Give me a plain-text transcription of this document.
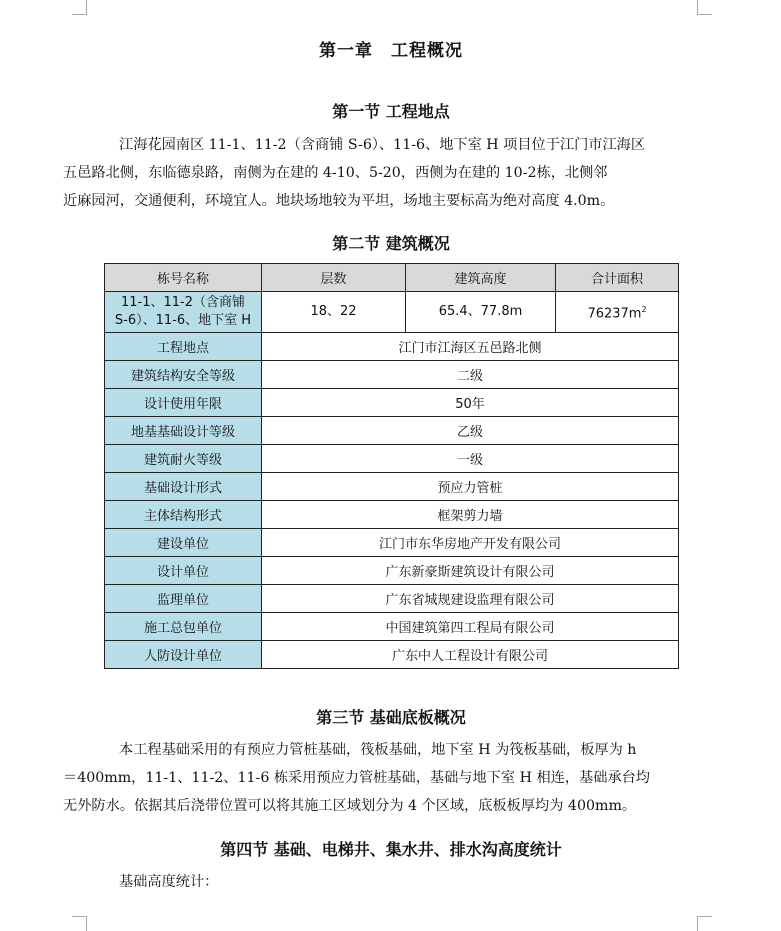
第一章　工程概况
第一节 工程地点

江海花园南区 11-1、11-2（含商铺 S-6）、11-6、地下室 H 项目位于江门市江海区
五邑路北侧，东临德泉路，南侧为在建的 4-10、5-20，西侧为在建的 10-2栋，北侧邻
近麻园河，交通便利，环境宜人。地块场地较为平坦，场地主要标高为绝对高度 4.0m。

第二节 建筑概况
栋号名称	层数	建筑高度	合计面积
11-1、11-2（含商铺
S-6）、11-6、地下室 H	18、22	65.4、77.8m	$76237m^2$
工程地点	江门市江海区五邑路北侧		
建筑结构安全等级	二级		
设计使用年限	50年		
地基基础设计等级	乙级		
建筑耐火等级	一级		
基础设计形式	预应力管桩		
主体结构形式	框架剪力墙		
建设单位	江门市东华房地产开发有限公司		
设计单位	广东新豪斯建筑设计有限公司		
监理单位	广东省城规建设监理有限公司		
施工总包单位	中国建筑第四工程局有限公司		
人防设计单位	广东中人工程设计有限公司		
第三节 基础底板概况

本工程基础采用的有预应力管桩基础，筏板基础，地下室 H 为筏板基础，板厚为 h
＝400mm，11-1、11-2、11-6 栋采用预应力管桩基础，基础与地下室 H 相连，基础承台均
无外防水。依据其后浇带位置可以将其施工区域划分为 4 个区域，底板板厚均为 400mm。

第四节 基础、电梯井、集水井、排水沟高度统计

基础高度统计：
